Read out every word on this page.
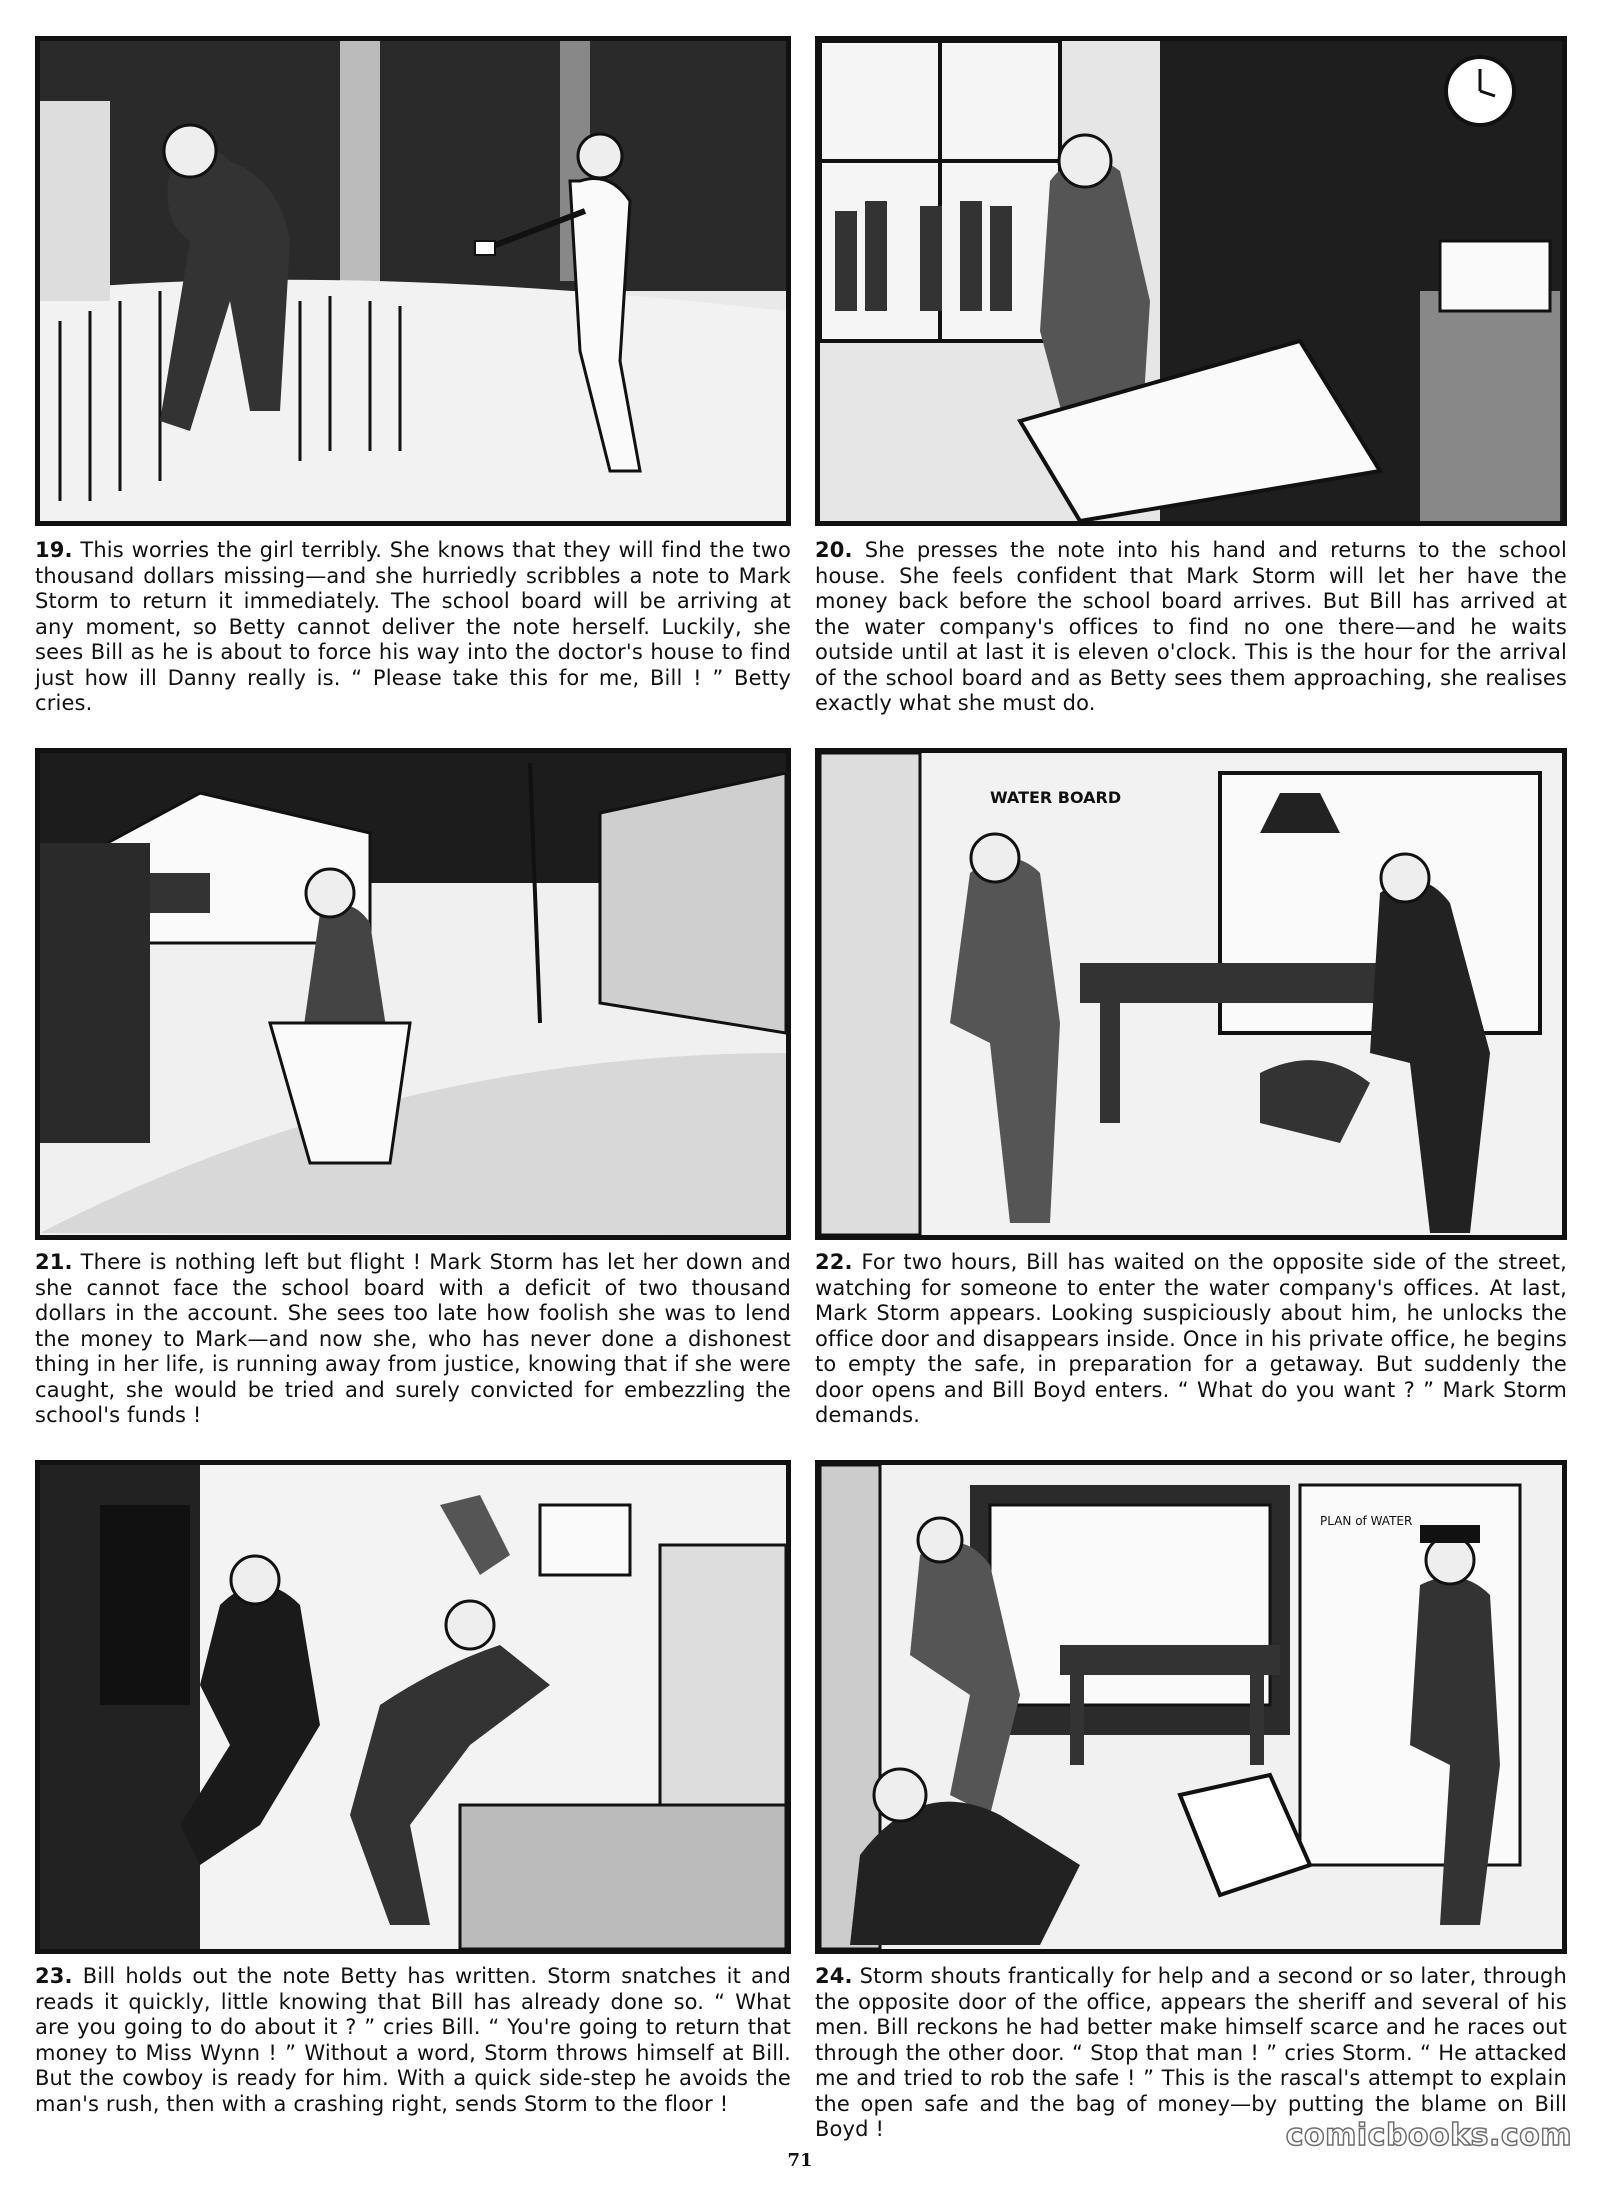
19. This worries the girl terribly. She knows that they will find the two thousand dollars missing—and she hurriedly scribbles a note to Mark Storm to return it immediately. The school board will be arriving at any moment, so Betty cannot deliver the note herself. Luckily, she sees Bill as he is about to force his way into the doctor's house to find just how ill Danny really is. “ Please take this for me, Bill ! ” Betty cries.

20. She presses the note into his hand and returns to the school house. She feels confident that Mark Storm will let her have the money back before the school board arrives. But Bill has arrived at the water company's offices to find no one there—and he waits outside until at last it is eleven o'clock. This is the hour for the arrival of the school board and as Betty sees them approaching, she realises exactly what she must do.

21. There is nothing left but flight ! Mark Storm has let her down and she cannot face the school board with a deficit of two thousand dollars in the account. She sees too late how foolish she was to lend the money to Mark—and now she, who has never done a dishonest thing in her life, is running away from justice, knowing that if she were caught, she would be tried and surely convicted for embezzling the school's funds !

WATER BOARD

22. For two hours, Bill has waited on the opposite side of the street, watching for someone to enter the water company's offices. At last, Mark Storm appears. Looking suspiciously about him, he unlocks the office door and disappears inside. Once in his private office, he begins to empty the safe, in preparation for a getaway. But suddenly the door opens and Bill Boyd enters. “ What do you want ? ” Mark Storm demands.

23. Bill holds out the note Betty has written. Storm snatches it and reads it quickly, little knowing that Bill has already done so. “ What are you going to do about it ? ” cries Bill. “ You're going to return that money to Miss Wynn ! ” Without a word, Storm throws himself at Bill. But the cowboy is ready for him. With a quick side-step he avoids the man's rush, then with a crashing right, sends Storm to the floor !

PLAN of WATER

24. Storm shouts frantically for help and a second or so later, through the opposite door of the office, appears the sheriff and several of his men. Bill reckons he had better make himself scarce and he races out through the other door. “ Stop that man ! ” cries Storm. “ He attacked me and tried to rob the safe ! ” This is the rascal's attempt to explain the open safe and the bag of money—by putting the blame on Bill Boyd !	comicbooks.com
71
